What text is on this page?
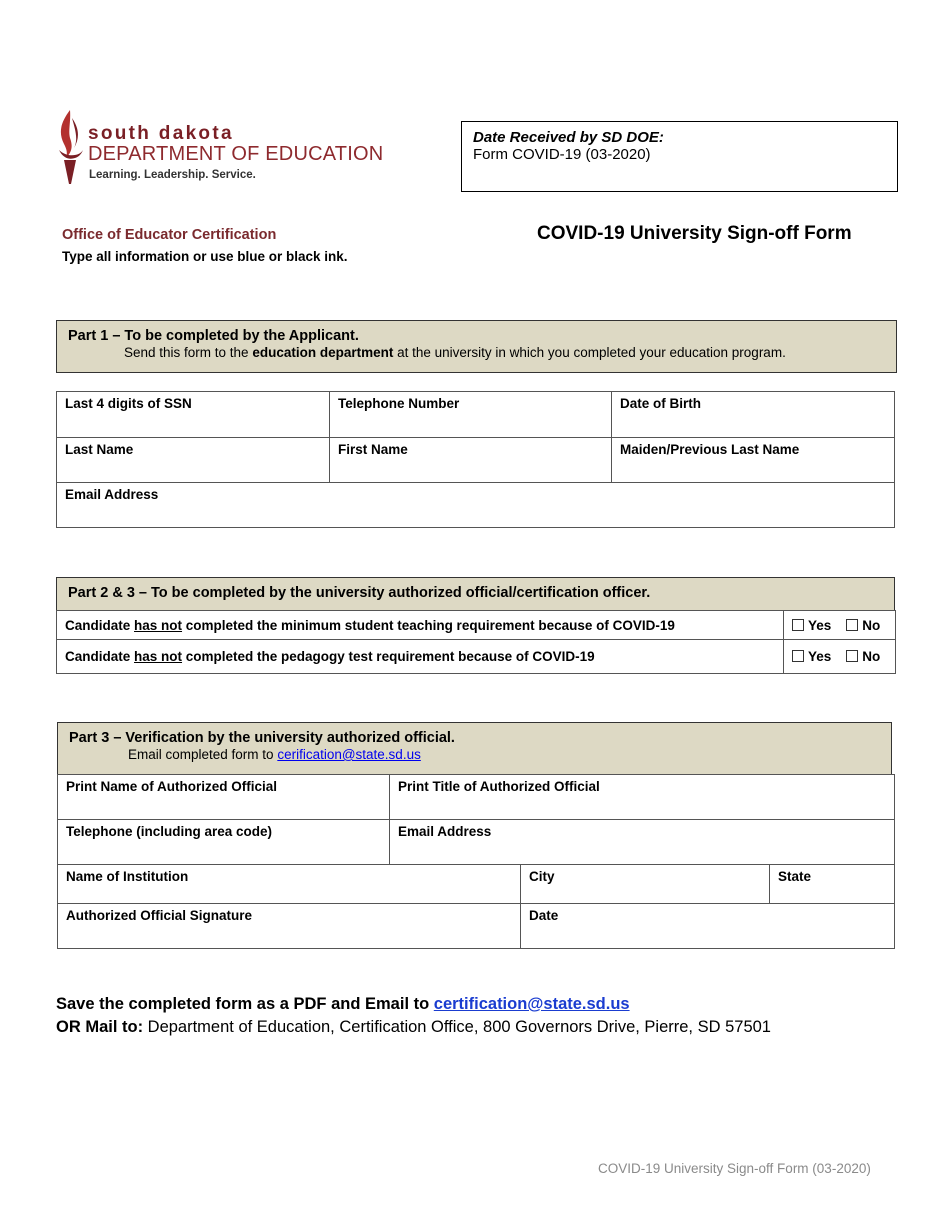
south dakota
DEPARTMENT OF EDUCATION
Learning. Leadership. Service.
Date Received by SD DOE:
Form COVID-19 (03-2020)
Office of Educator Certification
Type all information or use blue or black ink.
COVID-19 University Sign-off Form
Part 1 – To be completed by the Applicant.
Send this form to the education department at the university in which you completed your education program.
Last 4 digits of SSN	Telephone Number	Date of Birth
Last Name	First Name	Maiden/Previous Last Name
Email Address		
Part 2 & 3 – To be completed by the university authorized official/certification officer.
Candidate has not completed the minimum student teaching requirement because of COVID-19	Yes No
Candidate has not completed the pedagogy test requirement because of COVID-19	Yes No
Part 3 – Verification by the university authorized official.
Email completed form to cerification@state.sd.us
Print Name of Authorized Official	Print Title of Authorized Official
Telephone (including area code)	Email Address
Name of Institution	City	State
Authorized Official Signature	Date	
Save the completed form as a PDF and Email to certification@state.sd.us
OR Mail to: Department of Education, Certification Office, 800 Governors Drive, Pierre, SD 57501
COVID-19 University Sign-off Form (03-2020)
